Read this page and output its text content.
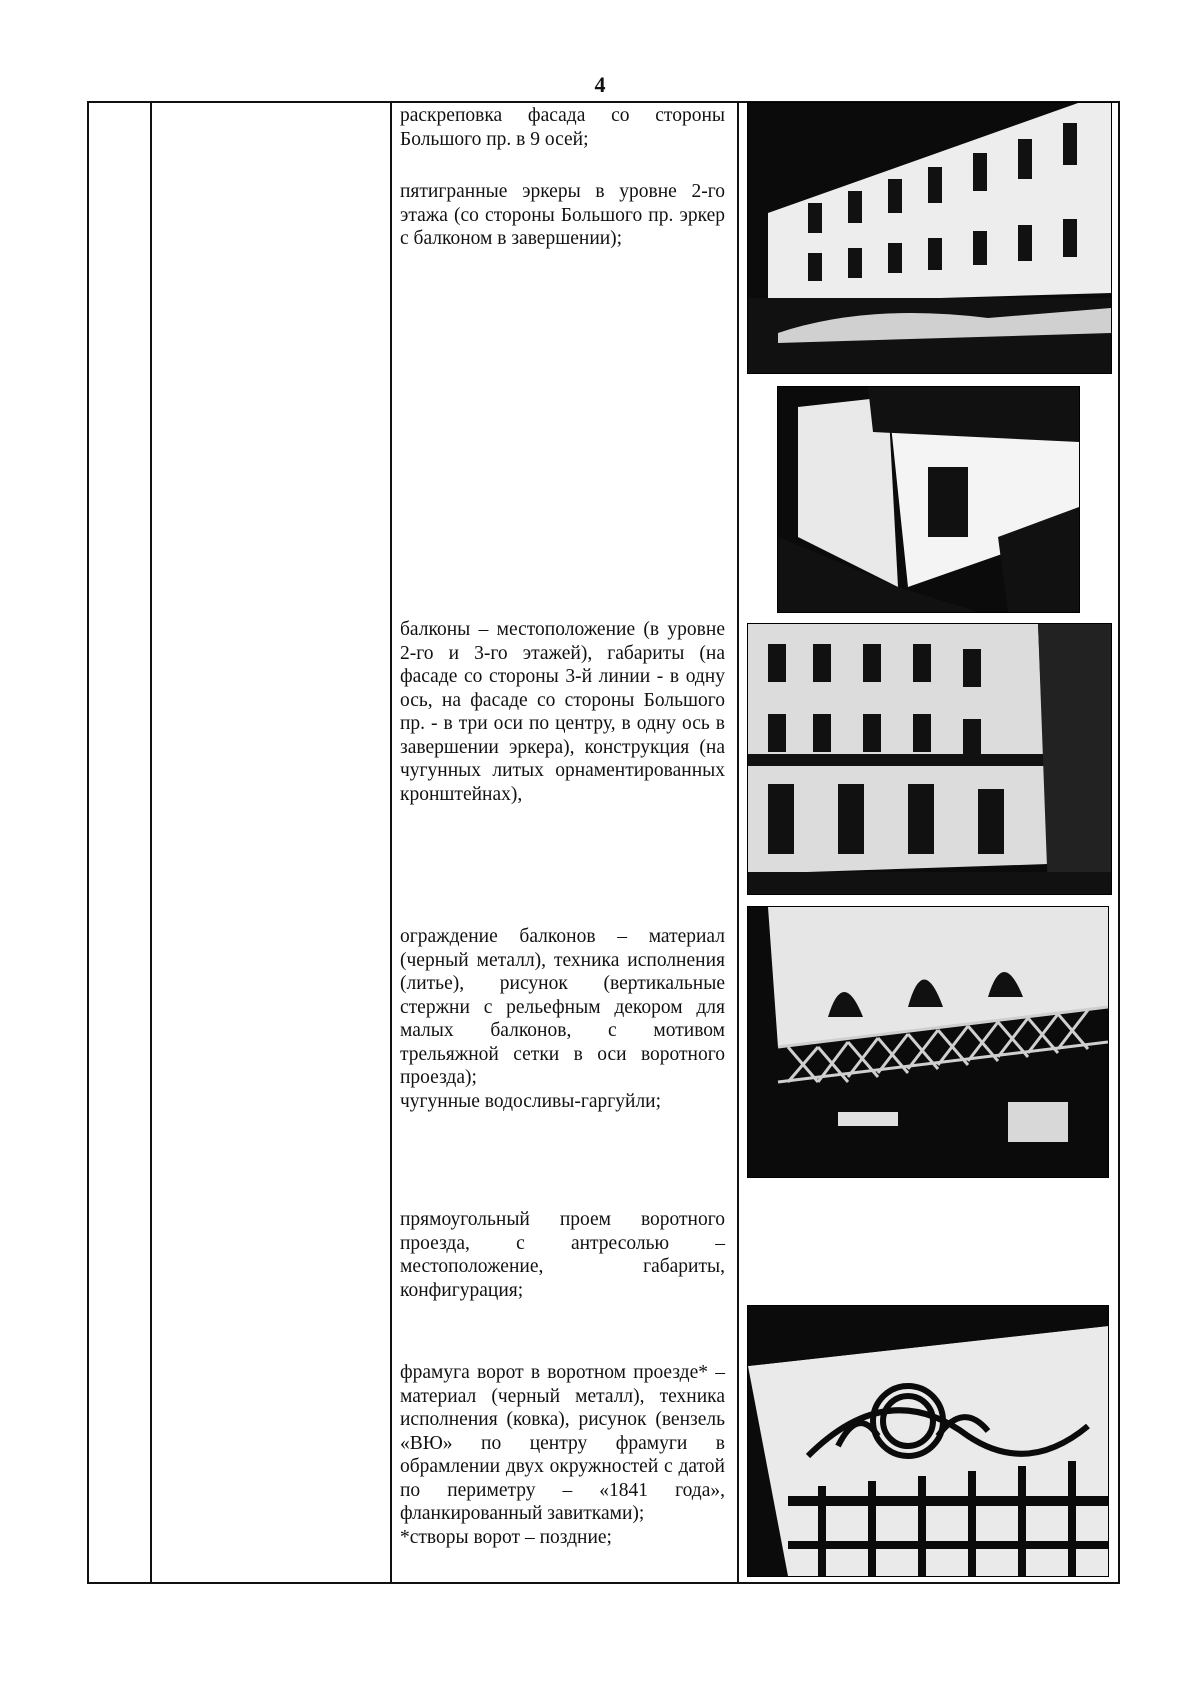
4

раскреповка фасада со стороны Большого пр. в 9 осей;

пятигранные эркеры в уровне 2-го этажа (со стороны Большого пр. эркер с балконом в завершении);

балконы – местоположение (в уровне 2-го и 3-го этажей), габариты (на фасаде со стороны 3-й линии - в одну ось, на фасаде со стороны Большого пр. - в три оси по центру, в одну ось в завершении эркера), конструкция (на чугунных литых орнаментированных кронштейнах),

ограждение балконов – материал (черный металл), техника исполнения (литье), рисунок (вертикальные стержни с рельефным декором для малых балконов, с мотивом трельяжной сетки в оси воротного проезда);

чугунные водосливы-гаргуйли;

прямоугольный проем воротного проезда, с антресолью – местоположение, габариты, конфигурация;

фрамуга ворот в воротном проезде* – материал (черный металл), техника исполнения (ковка), рисунок (вензель «ВЮ» по центру фрамуги в обрамлении двух окружностей с датой по периметру – «1841 года», фланкированный завитками);

*створы ворот – поздние;
